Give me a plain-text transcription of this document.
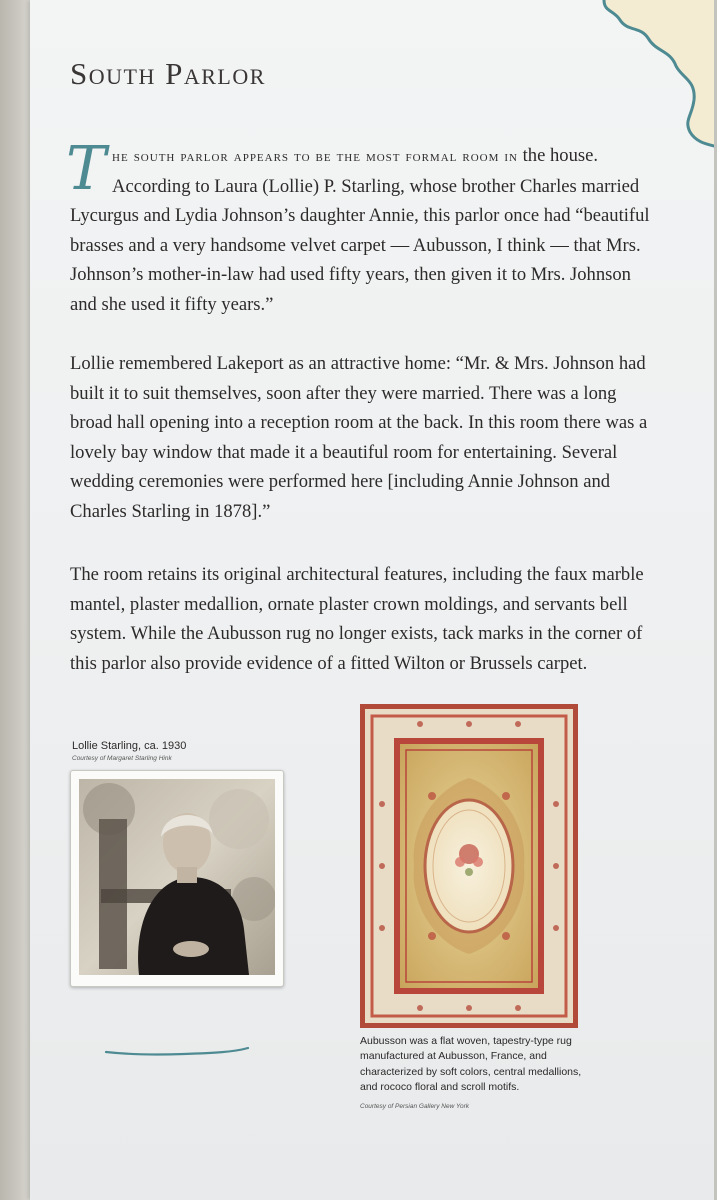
South Parlor

T he south parlor appears to be the most formal room in the house. According to Laura (Lollie) P. Starling, whose brother Charles married Lycurgus and Lydia Johnson’s daughter Annie, this parlor once had “beautiful brasses and a very handsome velvet carpet — Aubusson, I think — that Mrs. Johnson’s mother-in-law had used fifty years, then given it to Mrs. Johnson and she used it fifty years.”

Lollie remembered Lakeport as an attractive home: “Mr. & Mrs. Johnson had built it to suit themselves, soon after they were married. There was a long broad hall opening into a reception room at the back. In this room there was a lovely bay window that made it a beautiful room for entertaining. Several wedding ceremonies were performed here [including Annie Johnson and Charles Starling in 1878].”

The room retains its original architectural features, including the faux marble mantel, plaster medallion, ornate plaster crown moldings, and servants bell system. While the Aubusson rug no longer exists, tack marks in the corner of this parlor also provide evidence of a fitted Wilton or Brussels carpet.

Lollie Starling, ca. 1930
Courtesy of Margaret Starling Hink

Aubusson was a flat woven, tapestry-type rug manufactured at Aubusson, France, and characterized by soft colors, central medallions, and rococo floral and scroll motifs.

Courtesy of Persian Gallery New York
